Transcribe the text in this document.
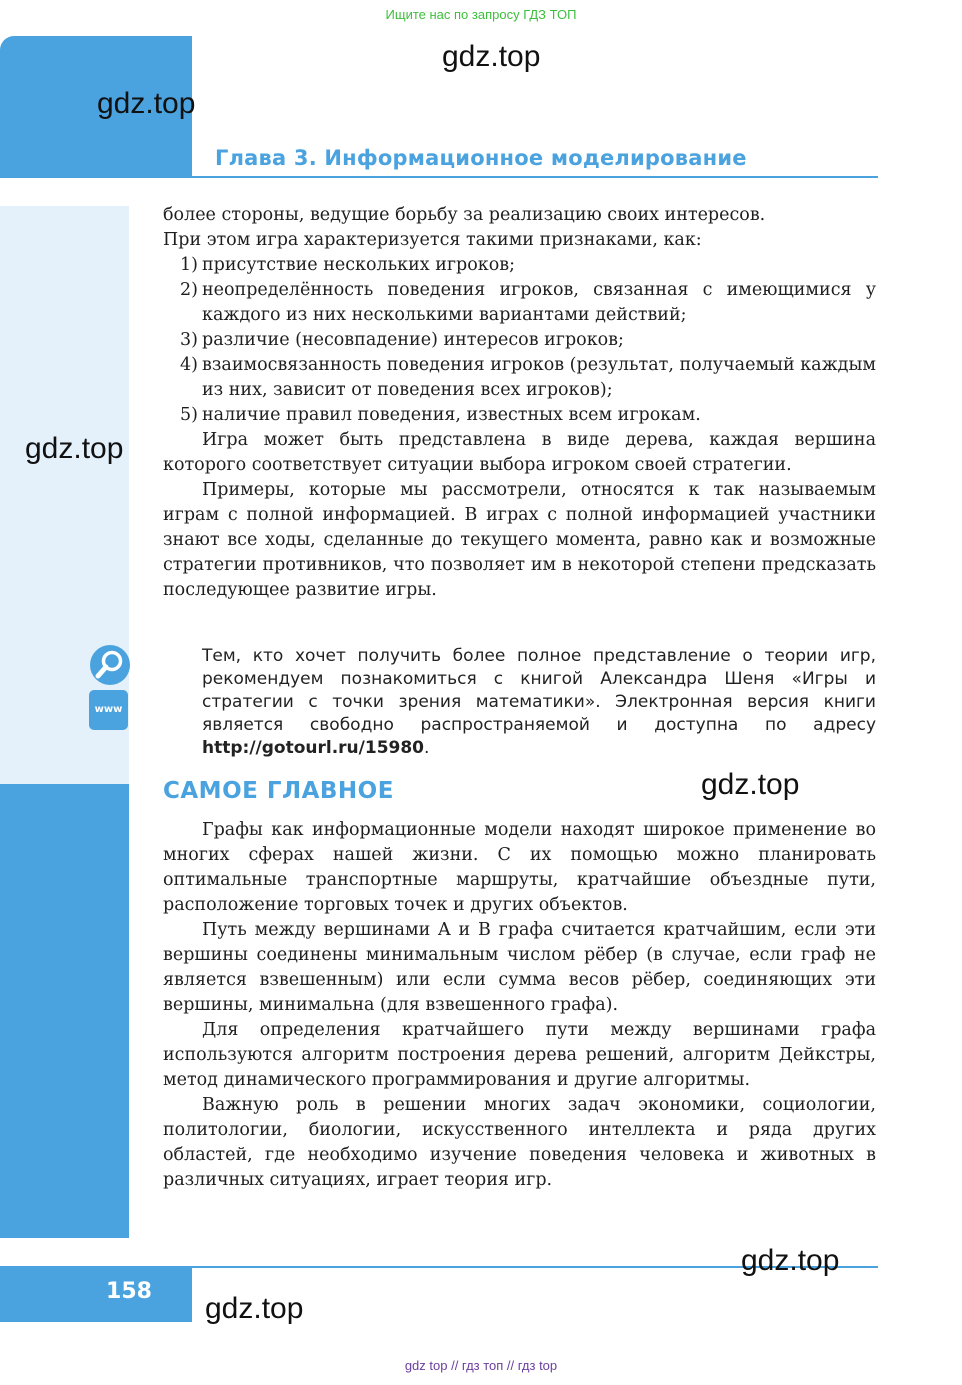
Ищите нас по запросу ГДЗ ТОП
Глава 3. Информационное моделирование
www

более стороны, ведущие борьбу за реализацию своих интересов.

При этом игра характеризуется такими признаками, как:

1) присутствие нескольких игроков;
2) неопределённость поведения игроков, связанная с имеющимися у каждого из них несколькими вариантами действий;
3) различие (несовпадение) интересов игроков;
4) взаимосвязанность поведения игроков (результат, получаемый каждым из них, зависит от поведения всех игроков);
5) наличие правил поведения, известных всем игрокам.

Игра может быть представлена в виде дерева, каждая вершина которого соответствует ситуации выбора игроком своей стратегии.

Примеры, которые мы рассмотрели, относятся к так называемым играм с полной информацией. В играх с полной информацией участники знают все ходы, сделанные до текущего момента, равно как и возможные стратегии противников, что позволяет им в некоторой степени предсказать последующее развитие игры.

Тем, кто хочет получить более полное представление о теории игр, рекомендуем познакомиться с книгой Александра Шеня «Игры и стратегии с точки зрения математики». Электронная версия книги является свободно распространяемой и доступна по адресу http://gotourl.ru/15980.
САМОЕ ГЛАВНОЕ

Графы как информационные модели находят широкое применение во многих сферах нашей жизни. С их помощью можно планировать оптимальные транспортные маршруты, кратчайшие объездные пути, расположение торговых точек и других объектов.

Путь между вершинами A и B графа считается кратчайшим, если эти вершины соединены минимальным числом рёбер (в случае, если граф не является взвешенным) или если сумма весов рёбер, соединяющих эти вершины, минимальна (для взвешенного графа).

Для определения кратчайшего пути между вершинами графа используются алгоритм построения дерева решений, алгоритм Дейкстры, метод динамического программирования и другие алгоритмы.

Важную роль в решении многих задач экономики, социологии, политологии, биологии, искусственного интеллекта и ряда других областей, где необходимо изучение поведения человека и животных в различных ситуациях, играет теория игр.

158
gdz.top
gdz.top
gdz.top
gdz.top
gdz.top
gdz.top
gdz top // гдз топ // гдз top
